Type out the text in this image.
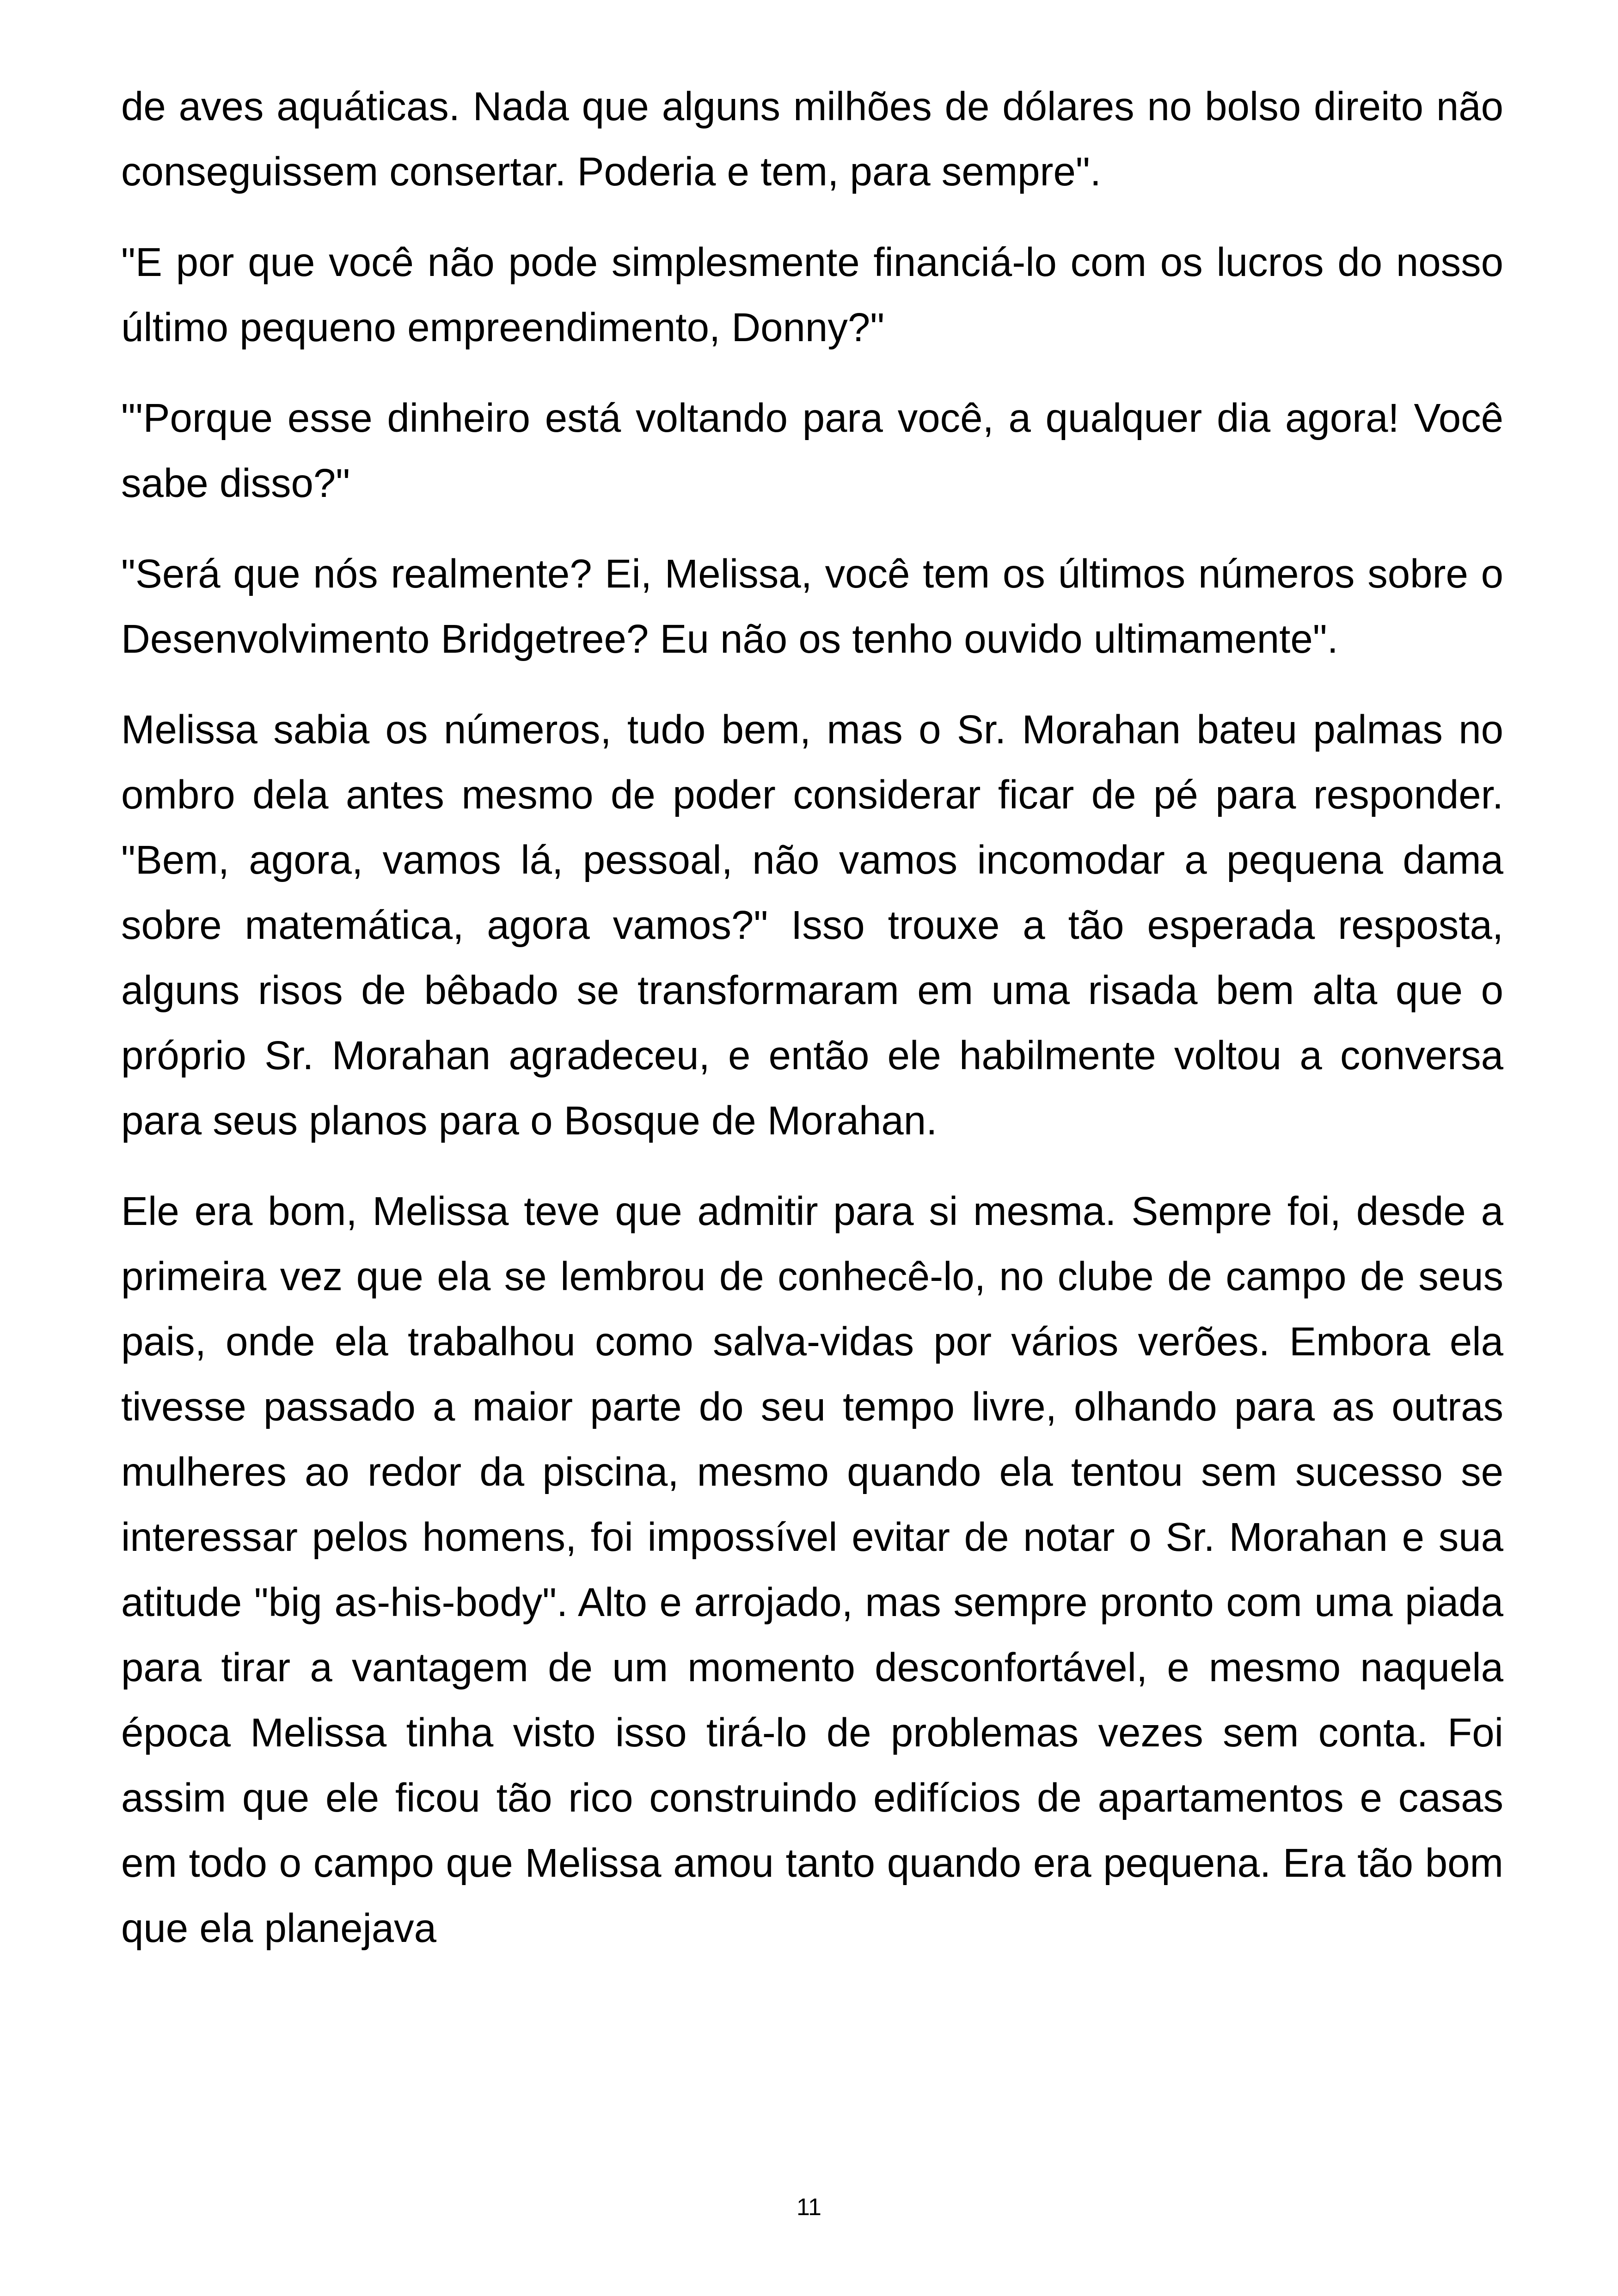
de aves aquáticas. Nada que alguns milhões de dólares no bolso direito não conseguissem consertar. Poderia e tem, para sempre".

"E por que você não pode simplesmente financiá-lo com os lucros do nosso último pequeno empreendimento, Donny?"

"'Porque esse dinheiro está voltando para você, a qualquer dia agora! Você sabe disso?"

"Será que nós realmente? Ei, Melissa, você tem os últimos números sobre o Desenvolvimento Bridgetree? Eu não os tenho ouvido ultimamente".

Melissa sabia os números, tudo bem, mas o Sr. Morahan bateu palmas no ombro dela antes mesmo de poder considerar ficar de pé para responder. "Bem, agora, vamos lá, pessoal, não vamos incomodar a pequena dama sobre matemática, agora vamos?" Isso trouxe a tão esperada resposta, alguns risos de bêbado se transformaram em uma risada bem alta que o próprio Sr. Morahan agradeceu, e então ele habilmente voltou a conversa para seus planos para o Bosque de Morahan.

Ele era bom, Melissa teve que admitir para si mesma. Sempre foi, desde a primeira vez que ela se lembrou de conhecê-lo, no clube de campo de seus pais, onde ela trabalhou como salva-vidas por vários verões. Embora ela tivesse passado a maior parte do seu tempo livre, olhando para as outras mulheres ao redor da piscina, mesmo quando ela tentou sem sucesso se interessar pelos homens, foi impossível evitar de notar o Sr. Morahan e sua atitude "big as-his-body". Alto e arrojado, mas sempre pronto com uma piada para tirar a vantagem de um momento desconfortável, e mesmo naquela época Melissa tinha visto isso tirá-lo de problemas vezes sem conta. Foi assim que ele ficou tão rico construindo edifícios de apartamentos e casas em todo o campo que Melissa amou tanto quando era pequena. Era tão bom que ela planejava

11
